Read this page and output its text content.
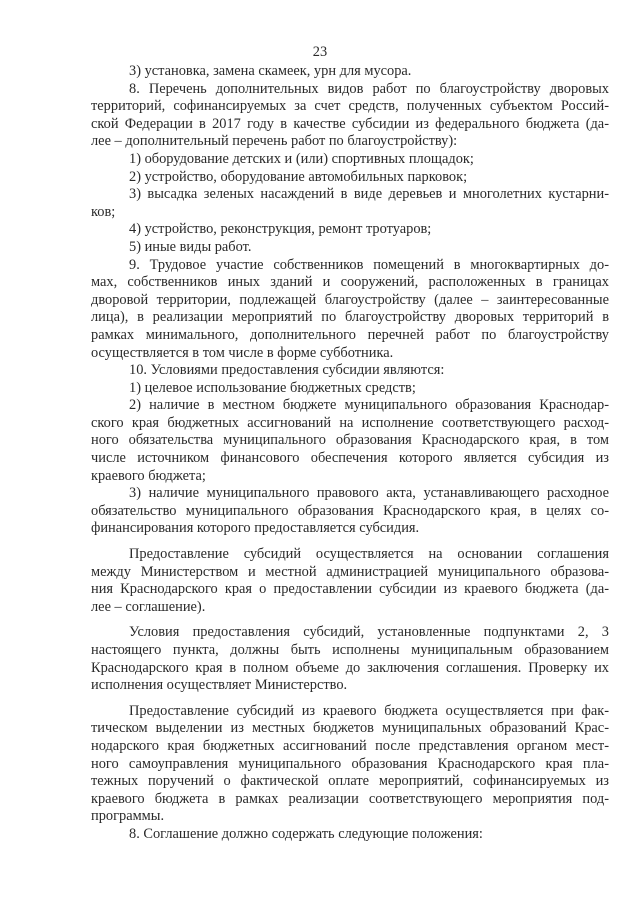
23
3) установка, замена скамеек, урн для мусора.
8. Перечень дополнительных видов работ по благоустройству дворовых
территорий, софинансируемых за счет средств, полученных субъектом Россий-
ской Федерации в 2017 году в качестве субсидии из федерального бюджета (да-
лее – дополнительный перечень работ по благоустройству):
1) оборудование детских и (или) спортивных площадок;
2) устройство, оборудование автомобильных парковок;
3) высадка зеленых насаждений в виде деревьев и многолетних кустарни-
ков;
4) устройство, реконструкция, ремонт тротуаров;
5) иные виды работ.
9. Трудовое участие собственников помещений в многоквартирных до-
мах, собственников иных зданий и сооружений, расположенных в границах
дворовой территории, подлежащей благоустройству (далее – заинтересованные
лица), в реализации мероприятий по благоустройству дворовых территорий в
рамках минимального, дополнительного перечней работ по благоустройству
осуществляется в том числе в форме субботника.
10. Условиями предоставления субсидии являются:
1) целевое использование бюджетных средств;
2) наличие в местном бюджете муниципального образования Краснодар-
ского края бюджетных ассигнований на исполнение соответствующего расход-
ного обязательства муниципального образования Краснодарского края, в том
числе источником финансового обеспечения которого является субсидия из
краевого бюджета;
3) наличие муниципального правового акта, устанавливающего расходное
обязательство муниципального образования Краснодарского края, в целях со-
финансирования которого предоставляется субсидия.
Предоставление субсидий осуществляется на основании соглашения
между Министерством и местной администрацией муниципального образова-
ния Краснодарского края о предоставлении субсидии из краевого бюджета (да-
лее – соглашение).
Условия предоставления субсидий, установленные подпунктами 2, 3
настоящего пункта, должны быть исполнены муниципальным образованием
Краснодарского края в полном объеме до заключения соглашения. Проверку их
исполнения осуществляет Министерство.
Предоставление субсидий из краевого бюджета осуществляется при фак-
тическом выделении из местных бюджетов муниципальных образований Крас-
нодарского края бюджетных ассигнований после представления органом мест-
ного самоуправления муниципального образования Краснодарского края пла-
тежных поручений о фактической оплате мероприятий, софинансируемых из
краевого бюджета в рамках реализации соответствующего мероприятия под-
программы.
8. Соглашение должно содержать следующие положения:
